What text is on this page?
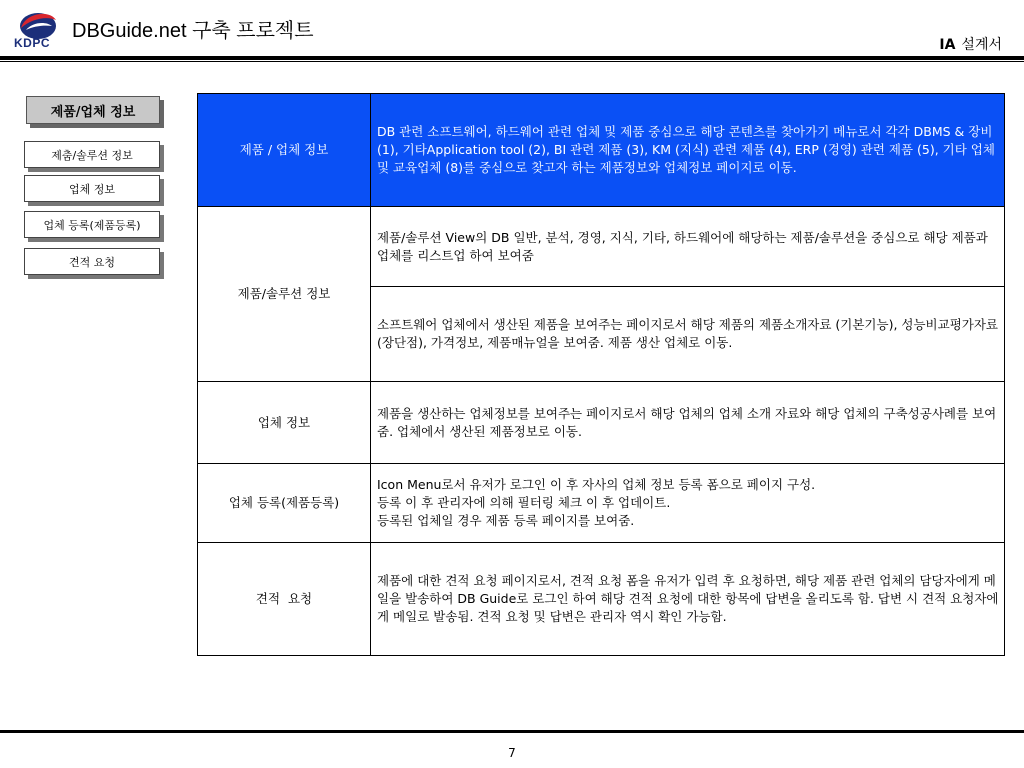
KDPC
DBGuide.net 구축 프로젝트
IA 설계서
제품/업체 정보
제춤/솔루션 정보
업체 정보
업체 등록(제품등록)
견적 요청
제품 / 업체 정보	DB 관련 소프트웨어, 하드웨어 관련 업체 및 제품 중심으로 해당 콘텐츠를 찾아가기 메뉴로서 각각 DBMS & 장비 (1), 기타Application tool (2), BI 관련 제품 (3), KM (지식) 관련 제품 (4), ERP (경영) 관련 제품 (5), 기타 업체 및 교육업체 (8)를 중심으로 찾고자 하는 제품정보와 업체정보 페이지로 이동.
제품/솔루션 정보	제품/솔루션 View의 DB 일반, 분석, 경영, 지식, 기타, 하드웨어에 해당하는 제품/솔루션을 중심으로 해당 제품과 업체를 리스트업 하여 보여줌
	소프트웨어 업체에서 생산된 제품을 보여주는 페이지로서 해당 제품의 제품소개자료 (기본기능), 성능비교평가자료 (장단점), 가격정보, 제품매뉴얼을 보여줌. 제품 생산 업체로 이동.
업체 정보	제품을 생산하는 업체정보를 보여주는 페이지로서 해당 업체의 업체 소개 자료와 해당 업체의 구축성공사례를 보여줌. 업체에서 생산된 제품정보로 이동.
업체 등록(제품등록)	Icon Menu로서 유저가 로그인 이 후 자사의 업체 정보 등록 폼으로 페이지 구성.
등록 이 후 관리자에 의해 필터링 체크 이 후 업데이트.
등록된 업체일 경우 제품 등록 페이지를 보여줌.

견적  요청	제품에 대한 견적 요청 페이지로서, 견적 요청 폼을 유저가 입력 후 요청하면, 해당 제품 관련 업체의 담당자에게 메일을 발송하여 DB Guide로 로그인 하여 해당 견적 요청에 대한 항목에 답변을 올리도록 함. 답변 시 견적 요청자에게 메일로 발송됨. 견적 요청 및 답변은 관리자 역시 확인 가능함.
7
